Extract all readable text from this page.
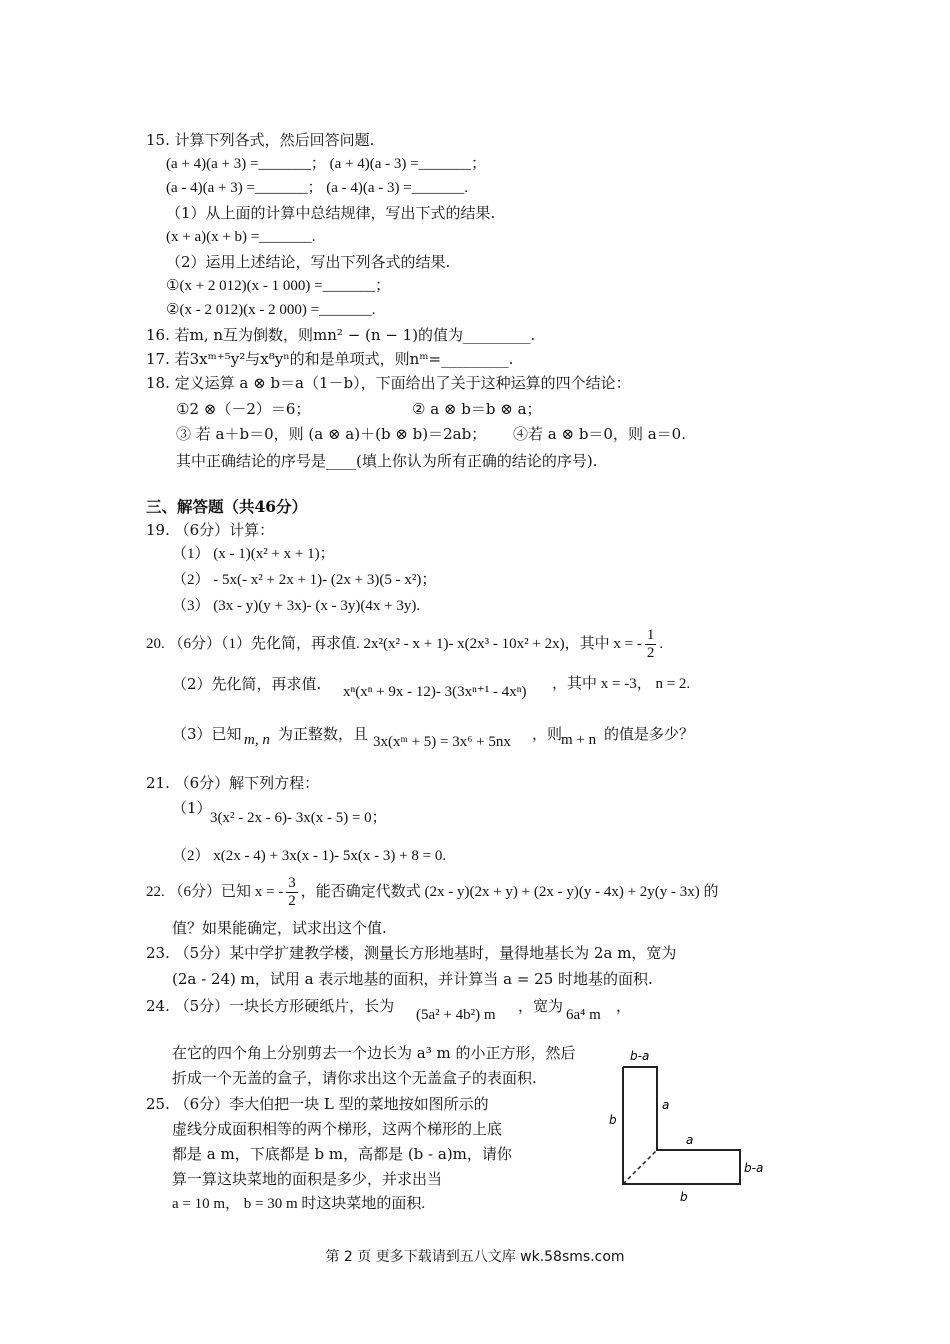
15. 计算下列各式，然后回答问题.
(a + 4)(a + 3) =_______； (a + 4)(a - 3) =_______；
(a - 4)(a + 3) =_______； (a - 4)(a - 3) =_______.
（1）从上面的计算中总结规律，写出下式的结果.
(x + a)(x + b) =_______.
（2）运用上述结论，写出下列各式的结果.
①(x + 2 012)(x - 1 000) =_______；
②(x - 2 012)(x - 2 000) =_______.
16. 若m, n互为倒数，则mn² − (n − 1)的值为_________.
17. 若3xᵐ⁺⁵y²与x⁸yⁿ的和是单项式，则nᵐ=_________.
18. 定义运算 a ⊗ b＝a（1－b），下面给出了关于这种运算的四个结论：
①2 ⊗（－2）＝6；	② a ⊗ b＝b ⊗ a；
③ 若 a＋b＝0，则 (a ⊗ a)＋(b ⊗ b)＝2ab； ④若 a ⊗ b＝0，则 a＝0.
其中正确结论的序号是____(填上你认为所有正确的结论的序号).
三、解答题（共46分）
19. （6分）计算：
（1） (x - 1)(x² + x + 1)；
（2） - 5x(- x² + 2x + 1)- (2x + 3)(5 - x²)；
（3） (3x - y)(y + 3x)- (x - 3y)(4x + 3y).
20. （6分）（1）先化简，再求值. 2x²(x² - x + 1)- x(2x³ - 10x² + 2x)，其中 x = - $\frac{1}{2}$ .
（2）先化简，再求值. xⁿ(xⁿ + 9x - 12)- 3(3xⁿ⁺¹ - 4xⁿ) ，其中 x = -3， n = 2.
（3）已知 m, n 为正整数，且 3x(xᵐ + 5) = 3x⁶ + 5nx ，则
m + n 的值是多少？
21. （6分）解下列方程：
（1）
3(x² - 2x - 6)- 3x(x - 5) = 0；
（2） x(2x - 4) + 3x(x - 1)- 5x(x - 3) + 8 = 0.
22. （6分）已知 x = - $\frac{3}{2}$ ，能否确定代数式 (2x - y)(2x + y) + (2x - y)(y - 4x) + 2y(y - 3x) 的
值？如果能确定，试求出这个值.
23. （5分）某中学扩建教学楼，测量长方形地基时，量得地基长为 2a m，宽为
(2a - 24) m，试用 a 表示地基的面积，并计算当 a = 25 时地基的面积.
24. （5分）一块长方形硬纸片，长为 (5a² + 4b²) m ，宽为 6a⁴ m ，
在它的四个角上分别剪去一个边长为 a³ m 的小正方形，然后
折成一个无盖的盒子，请你求出这个无盖盒子的表面积.
25. （6分）李大伯把一块 L 型的菜地按如图所示的
虚线分成面积相等的两个梯形，这两个梯形的上底
都是 a m，下底都是 b m，高都是 (b - a)m，请你
算一算这块菜地的面积是多少，并求出当
a = 10 m， b = 30 m 时这块菜地的面积.
b-a
b
a
a
b-a
b
第 2 页 更多下载请到五八文库 wk.58sms.com
